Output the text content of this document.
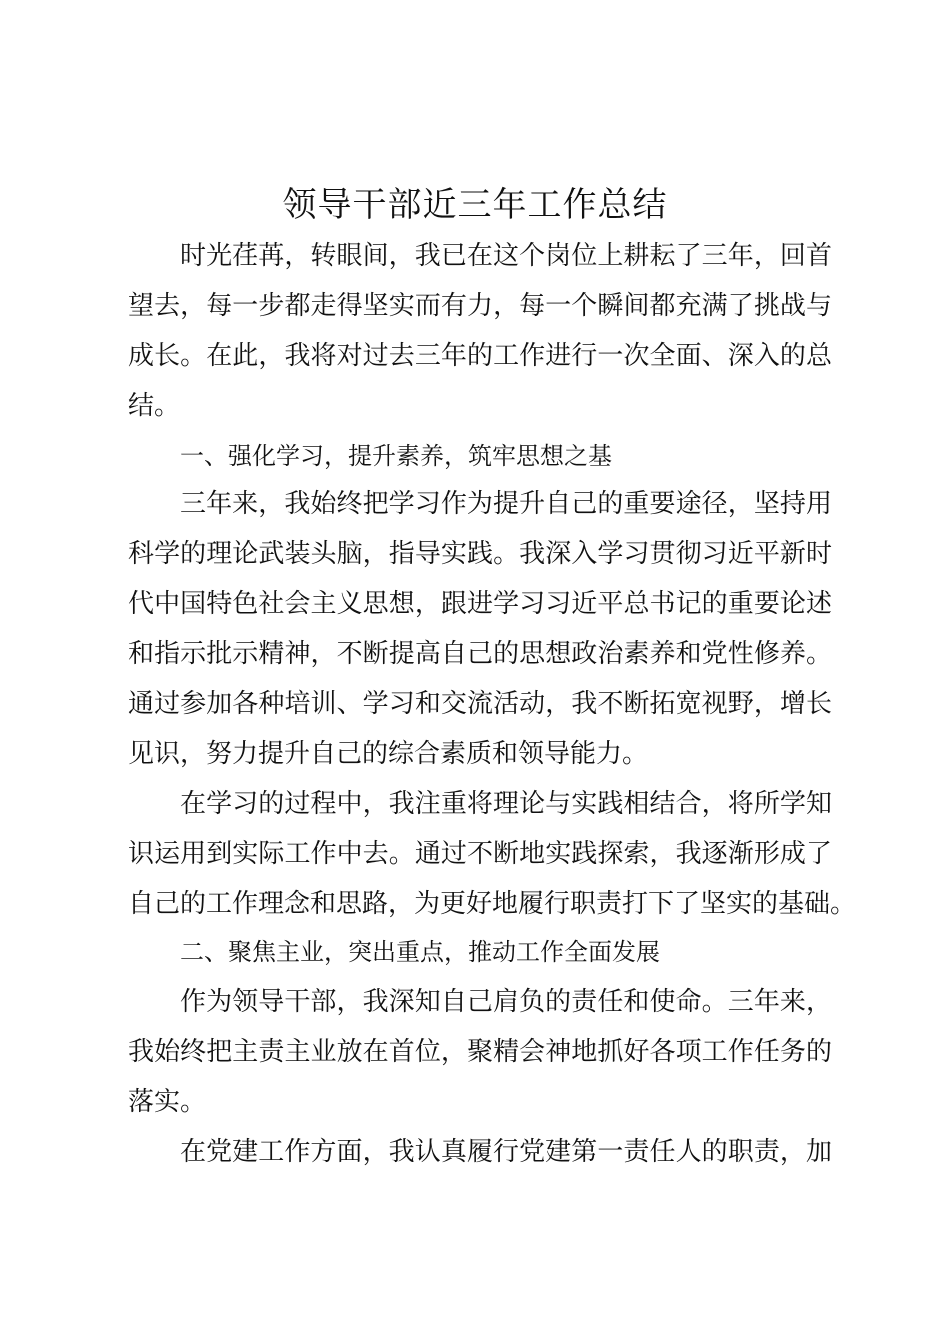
领导干部近三年工作总结
时光荏苒，转眼间，我已在这个岗位上耕耘了三年，回首
望去，每一步都走得坚实而有力，每一个瞬间都充满了挑战与
成长。在此，我将对过去三年的工作进行一次全面、深入的总
结。
一、强化学习，提升素养，筑牢思想之基
三年来，我始终把学习作为提升自己的重要途径，坚持用
科学的理论武装头脑，指导实践。我深入学习贯彻习近平新时
代中国特色社会主义思想，跟进学习习近平总书记的重要论述
和指示批示精神，不断提高自己的思想政治素养和党性修养。
通过参加各种培训、学习和交流活动，我不断拓宽视野，增长
见识，努力提升自己的综合素质和领导能力。
在学习的过程中，我注重将理论与实践相结合，将所学知
识运用到实际工作中去。通过不断地实践探索，我逐渐形成了
自己的工作理念和思路，为更好地履行职责打下了坚实的基础。
二、聚焦主业，突出重点，推动工作全面发展
作为领导干部，我深知自己肩负的责任和使命。三年来，
我始终把主责主业放在首位，聚精会神地抓好各项工作任务的
落实。
在党建工作方面，我认真履行党建第一责任人的职责，加
